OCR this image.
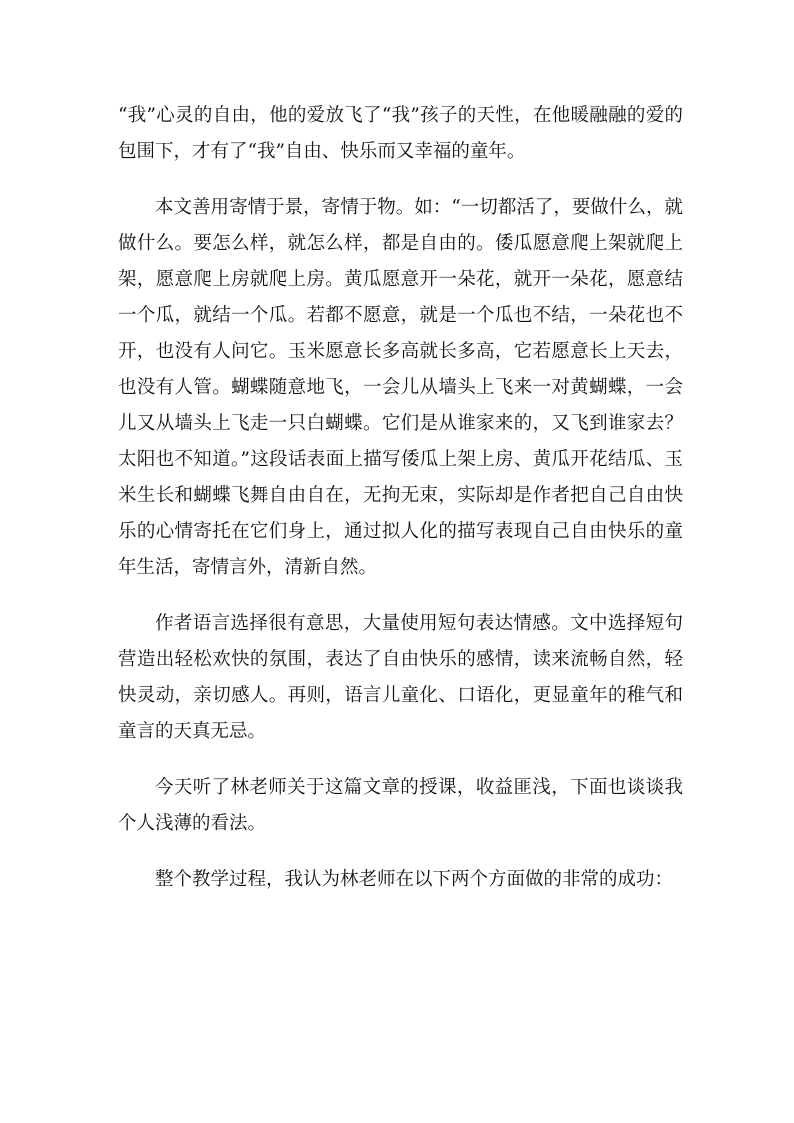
“我”心灵的自由，他的爱放飞了“我”孩子的天性，在他暖融融的爱的包围下，才有了“我”自由、快乐而又幸福的童年。

本文善用寄情于景，寄情于物。如：“一切都活了，要做什么，就做什么。要怎么样，就怎么样，都是自由的。倭瓜愿意爬上架就爬上架，愿意爬上房就爬上房。黄瓜愿意开一朵花，就开一朵花，愿意结一个瓜，就结一个瓜。若都不愿意，就是一个瓜也不结，一朵花也不开，也没有人问它。玉米愿意长多高就长多高，它若愿意长上天去，也没有人管。蝴蝶随意地飞，一会儿从墙头上飞来一对黄蝴蝶，一会儿又从墙头上飞走一只白蝴蝶。它们是从谁家来的，又飞到谁家去？太阳也不知道。”这段话表面上描写倭瓜上架上房、黄瓜开花结瓜、玉米生长和蝴蝶飞舞自由自在，无拘无束，实际却是作者把自己自由快乐的心情寄托在它们身上，通过拟人化的描写表现自己自由快乐的童年生活，寄情言外，清新自然。

作者语言选择很有意思，大量使用短句表达情感。文中选择短句营造出轻松欢快的氛围，表达了自由快乐的感情，读来流畅自然，轻快灵动，亲切感人。再则，语言儿童化、口语化，更显童年的稚气和童言的天真无忌。

今天听了林老师关于这篇文章的授课，收益匪浅，下面也谈谈我个人浅薄的看法。

整个教学过程，我认为林老师在以下两个方面做的非常的成功：
